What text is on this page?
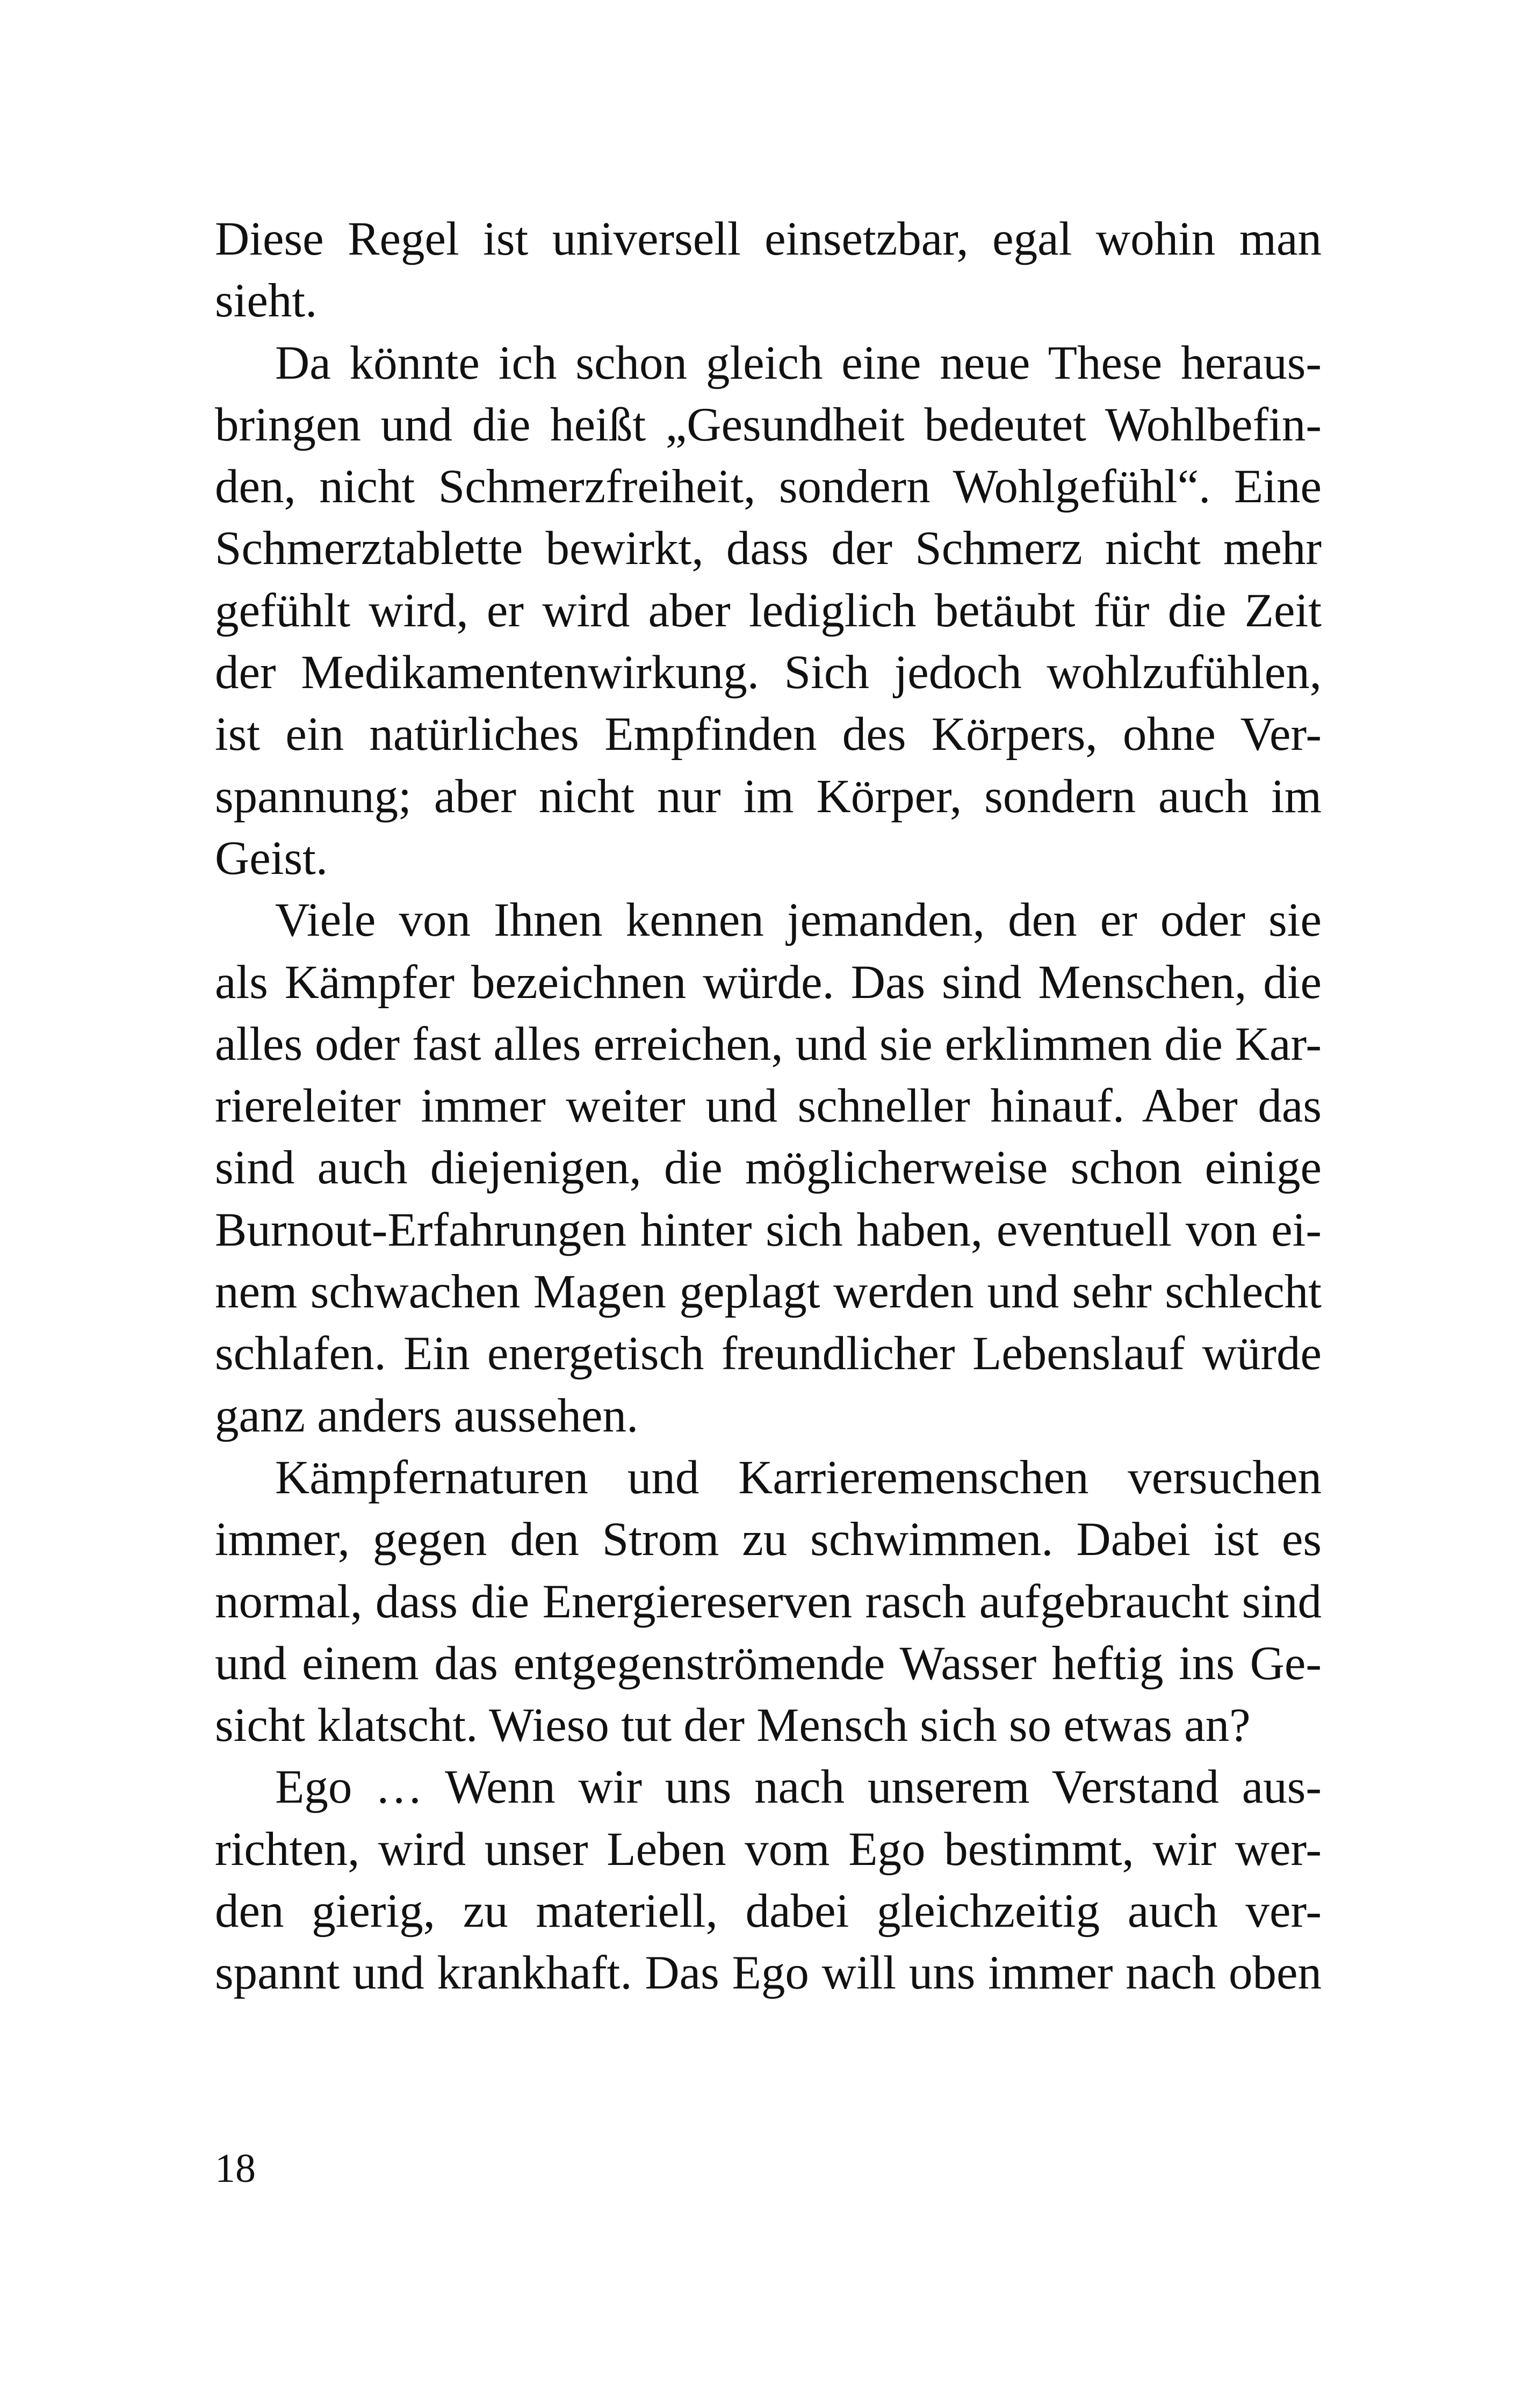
Diese Regel ist universell einsetzbar, egal wohin man
sieht.
Da könnte ich schon gleich eine neue These heraus-
bringen und die heißt „Gesundheit bedeutet Wohlbefin-
den, nicht Schmerzfreiheit, sondern Wohlgefühl“. Eine
Schmerztablette bewirkt, dass der Schmerz nicht mehr
gefühlt wird, er wird aber lediglich betäubt für die Zeit
der Medikamentenwirkung. Sich jedoch wohlzufühlen,
ist ein natürliches Empfinden des Körpers, ohne Ver-
spannung; aber nicht nur im Körper, sondern auch im
Geist.
Viele von Ihnen kennen jemanden, den er oder sie
als Kämpfer bezeichnen würde. Das sind Menschen, die
alles oder fast alles erreichen, und sie erklimmen die Kar-
riereleiter immer weiter und schneller hinauf. Aber das
sind auch diejenigen, die möglicherweise schon einige
Burnout-Erfahrungen hinter sich haben, eventuell von ei-
nem schwachen Magen geplagt werden und sehr schlecht
schlafen. Ein energetisch freundlicher Lebenslauf würde
ganz anders aussehen.
Kämpfernaturen und Karrieremenschen versuchen
immer, gegen den Strom zu schwimmen. Dabei ist es
normal, dass die Energiereserven rasch aufgebraucht sind
und einem das entgegenströmende Wasser heftig ins Ge-
sicht klatscht. Wieso tut der Mensch sich so etwas an?
Ego … Wenn wir uns nach unserem Verstand aus-
richten, wird unser Leben vom Ego bestimmt, wir wer-
den gierig, zu materiell, dabei gleichzeitig auch ver-
spannt und krankhaft. Das Ego will uns immer nach oben
18
